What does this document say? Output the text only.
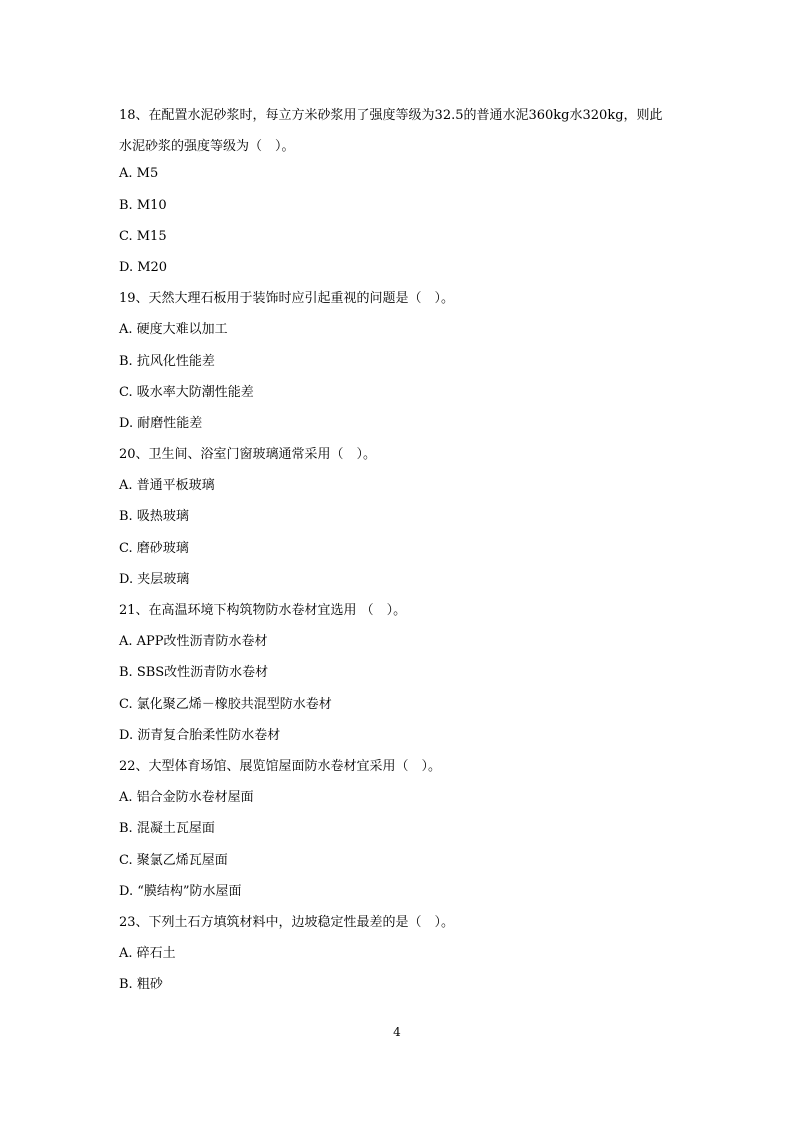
18、在配置水泥砂浆时，每立方米砂浆用了强度等级为32.5的普通水泥360kg水320kg，则此水泥砂浆的强度等级为（　）。
A. M5
B. M10
C. M15
D. M20
19、天然大理石板用于装饰时应引起重视的问题是（　）。
A. 硬度大难以加工
B. 抗风化性能差
C. 吸水率大防潮性能差
D. 耐磨性能差
20、卫生间、浴室门窗玻璃通常采用（　）。
A. 普通平板玻璃
B. 吸热玻璃
C. 磨砂玻璃
D. 夹层玻璃
21、在高温环境下构筑物防水卷材宜选用 （　）。
A. APP改性沥青防水卷材
B. SBS改性沥青防水卷材
C. 氯化聚乙烯－橡胶共混型防水卷材
D. 沥青复合胎柔性防水卷材
22、大型体育场馆、展览馆屋面防水卷材宜采用（　）。
A. 铝合金防水卷材屋面
B. 混凝土瓦屋面
C. 聚氯乙烯瓦屋面
D. “膜结构”防水屋面
23、下列土石方填筑材料中，边坡稳定性最差的是（　）。
A. 碎石土
B. 粗砂
4
